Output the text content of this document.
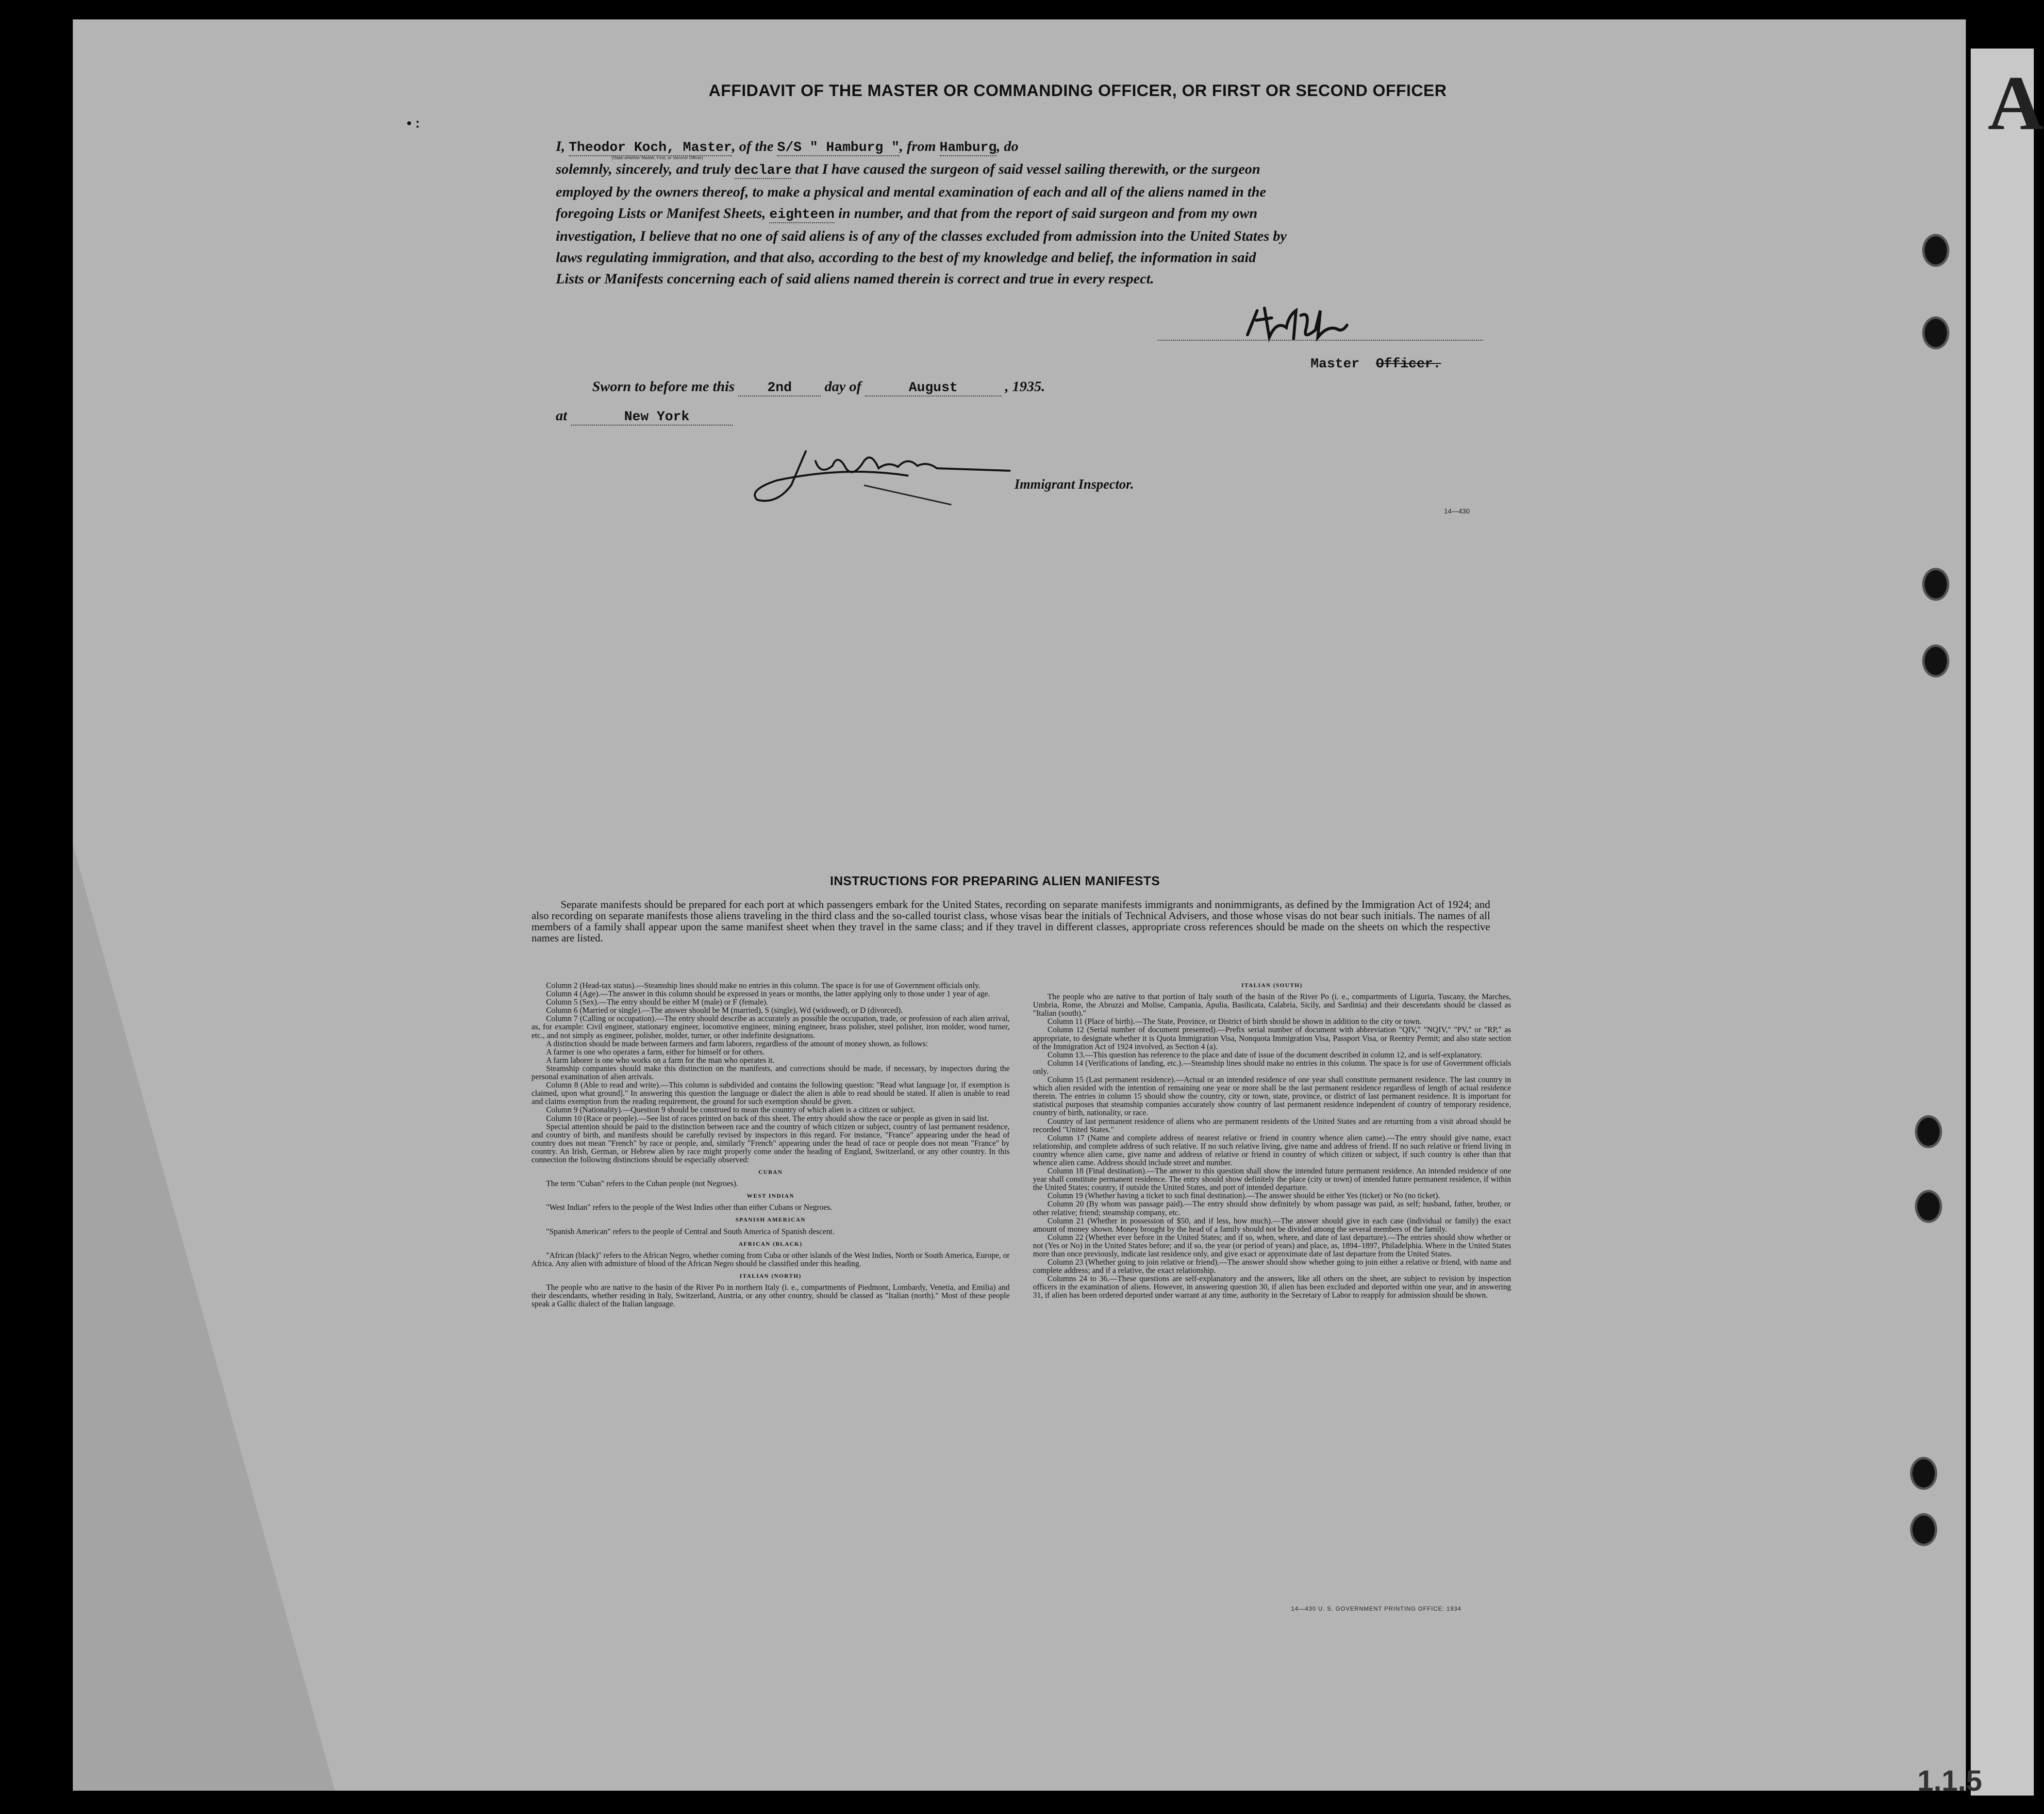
A
1.1.5
AFFIDAVIT OF THE MASTER OR COMMANDING OFFICER, OR FIRST OR SECOND OFFICER
• :
I, Theodor Koch, Master, of the S/S " Hamburg ", from Hamburg, do
solemnly, sincerely, and truly declare that I have caused the surgeon of said vessel sailing therewith, or the surgeon
employed by the owners thereof, to make a physical and mental examination of each and all of the aliens named in the
foregoing Lists or Manifest Sheets, eighteen in number, and that from the report of said surgeon and from my own
investigation, I believe that no one of said aliens is of any of the classes excluded from admission into the United States by
laws regulating immigration, and that also, according to the best of my knowledge and belief, the information in said
Lists or Manifests concerning each of said aliens named therein is correct and true in every respect.
(State whether Master, First, or Second Officer)
Master Officer.
Sworn to before me this 2nd day of	August	, 1935.
at	New York
Immigrant Inspector.
14—430
INSTRUCTIONS FOR PREPARING ALIEN MANIFESTS

Separate manifests should be prepared for each port at which passengers embark for the United States, recording on separate manifests immigrants and nonimmigrants, as defined by the Immigration Act of 1924; and also recording on separate manifests those aliens traveling in the third class and the so-called tourist class, whose visas bear the initials of Technical Advisers, and those whose visas do not bear such initials. The names of all members of a family shall appear upon the same manifest sheet when they travel in the same class; and if they travel in different classes, appropriate cross references should be made on the sheets on which the respective names are listed.

Column 2 (Head-tax status).—Steamship lines should make no entries in this column. The space is for use of Government officials only.

Column 4 (Age).—The answer in this column should be expressed in years or months, the latter applying only to those under 1 year of age.

Column 5 (Sex).—The entry should be either M (male) or F (female).

Column 6 (Married or single).—The answer should be M (married), S (single), Wd (widowed), or D (divorced).

Column 7 (Calling or occupation).—The entry should describe as accurately as possible the occupation, trade, or profession of each alien arrival, as, for example: Civil engineer, stationary engineer, locomotive engineer, mining engineer, brass polisher, steel polisher, iron molder, wood turner, etc., and not simply as engineer, polisher, molder, turner, or other indefinite designations.

A distinction should be made between farmers and farm laborers, regardless of the amount of money shown, as follows:

A farmer is one who operates a farm, either for himself or for others.

A farm laborer is one who works on a farm for the man who operates it.

Steamship companies should make this distinction on the manifests, and corrections should be made, if necessary, by inspectors during the personal examination of alien arrivals.

Column 8 (Able to read and write).—This column is subdivided and contains the following question: "Read what language [or, if exemption is claimed, upon what ground]." In answering this question the language or dialect the alien is able to read should be stated. If alien is unable to read and claims exemption from the reading requirement, the ground for such exemption should be given.

Column 9 (Nationality).—Question 9 should be construed to mean the country of which alien is a citizen or subject.

Column 10 (Race or people).—See list of races printed on back of this sheet. The entry should show the race or people as given in said list.

Special attention should be paid to the distinction between race and the country of which citizen or subject, country of last permanent residence, and country of birth, and manifests should be carefully revised by inspectors in this regard. For instance, "France" appearing under the head of country does not mean "French" by race or people, and, similarly "French" appearing under the head of race or people does not mean "France" by country. An Irish, German, or Hebrew alien by race might properly come under the heading of England, Switzerland, or any other country. In this connection the following distinctions should be especially observed:

CUBAN

The term "Cuban" refers to the Cuban people (not Negroes).

WEST INDIAN

"West Indian" refers to the people of the West Indies other than either Cubans or Negroes.

SPANISH AMERICAN

"Spanish American" refers to the people of Central and South America of Spanish descent.

AFRICAN (BLACK)

"African (black)" refers to the African Negro, whether coming from Cuba or other islands of the West Indies, North or South America, Europe, or Africa. Any alien with admixture of blood of the African Negro should be classified under this heading.

ITALIAN (NORTH)

The people who are native to the basin of the River Po in northern Italy (i. e., compartments of Piedmont, Lombardy, Venetia, and Emilia) and their descendants, whether residing in Italy, Switzerland, Austria, or any other country, should be classed as "Italian (north)." Most of these people speak a Gallic dialect of the Italian language.

ITALIAN (SOUTH)

The people who are native to that portion of Italy south of the basin of the River Po (i. e., compartments of Liguria, Tuscany, the Marches, Umbria, Rome, the Abruzzi and Molise, Campania, Apulia, Basilicata, Calabria, Sicily, and Sardinia) and their descendants should be classed as "Italian (south)."

Column 11 (Place of birth).—The State, Province, or District of birth should be shown in addition to the city or town.

Column 12 (Serial number of document presented).—Prefix serial number of document with abbreviation "QIV," "NQIV," "PV," or "RP," as appropriate, to designate whether it is Quota Immigration Visa, Nonquota Immigration Visa, Passport Visa, or Reentry Permit; and also state section of the Immigration Act of 1924 involved, as Section 4 (a).

Column 13.—This question has reference to the place and date of issue of the document described in column 12, and is self-explanatory.

Column 14 (Verifications of landing, etc.).—Steamship lines should make no entries in this column. The space is for use of Government officials only.

Column 15 (Last permanent residence).—Actual or an intended residence of one year shall constitute permanent residence. The last country in which alien resided with the intention of remaining one year or more shall be the last permanent residence regardless of length of actual residence therein. The entries in column 15 should show the country, city or town, state, province, or district of last permanent residence. It is important for statistical purposes that steamship companies accurately show country of last permanent residence independent of country of temporary residence, country of birth, nationality, or race.

Country of last permanent residence of aliens who are permanent residents of the United States and are returning from a visit abroad should be recorded "United States."

Column 17 (Name and complete address of nearest relative or friend in country whence alien came).—The entry should give name, exact relationship, and complete address of such relative. If no such relative living, give name and address of friend. If no such relative or friend living in country whence alien came, give name and address of relative or friend in country of which citizen or subject, if such country is other than that whence alien came. Address should include street and number.

Column 18 (Final destination).—The answer to this question shall show the intended future permanent residence. An intended residence of one year shall constitute permanent residence. The entry should show definitely the place (city or town) of intended future permanent residence, if within the United States; country, if outside the United States, and port of intended departure.

Column 19 (Whether having a ticket to such final destination).—The answer should be either Yes (ticket) or No (no ticket).

Column 20 (By whom was passage paid).—The entry should show definitely by whom passage was paid, as self; husband, father, brother, or other relative; friend; steamship company, etc.

Column 21 (Whether in possession of $50, and if less, how much).—The answer should give in each case (individual or family) the exact amount of money shown. Money brought by the head of a family should not be divided among the several members of the family.

Column 22 (Whether ever before in the United States; and if so, when, where, and date of last departure).—The entries should show whether or not (Yes or No) in the United States before; and if so, the year (or period of years) and place, as, 1894–1897, Philadelphia. Where in the United States more than once previously, indicate last residence only, and give exact or approximate date of last departure from the United States.

Column 23 (Whether going to join relative or friend).—The answer should show whether going to join either a relative or friend, with name and complete address; and if a relative, the exact relationship.

Columns 24 to 36.—These questions are self-explanatory and the answers, like all others on the sheet, are subject to revision by inspection officers in the examination of aliens. However, in answering question 30, if alien has been excluded and deported within one year, and in answering 31, if alien has been ordered deported under warrant at any time, authority in the Secretary of Labor to reapply for admission should be shown.

14—430 U. S. GOVERNMENT PRINTING OFFICE: 1934
